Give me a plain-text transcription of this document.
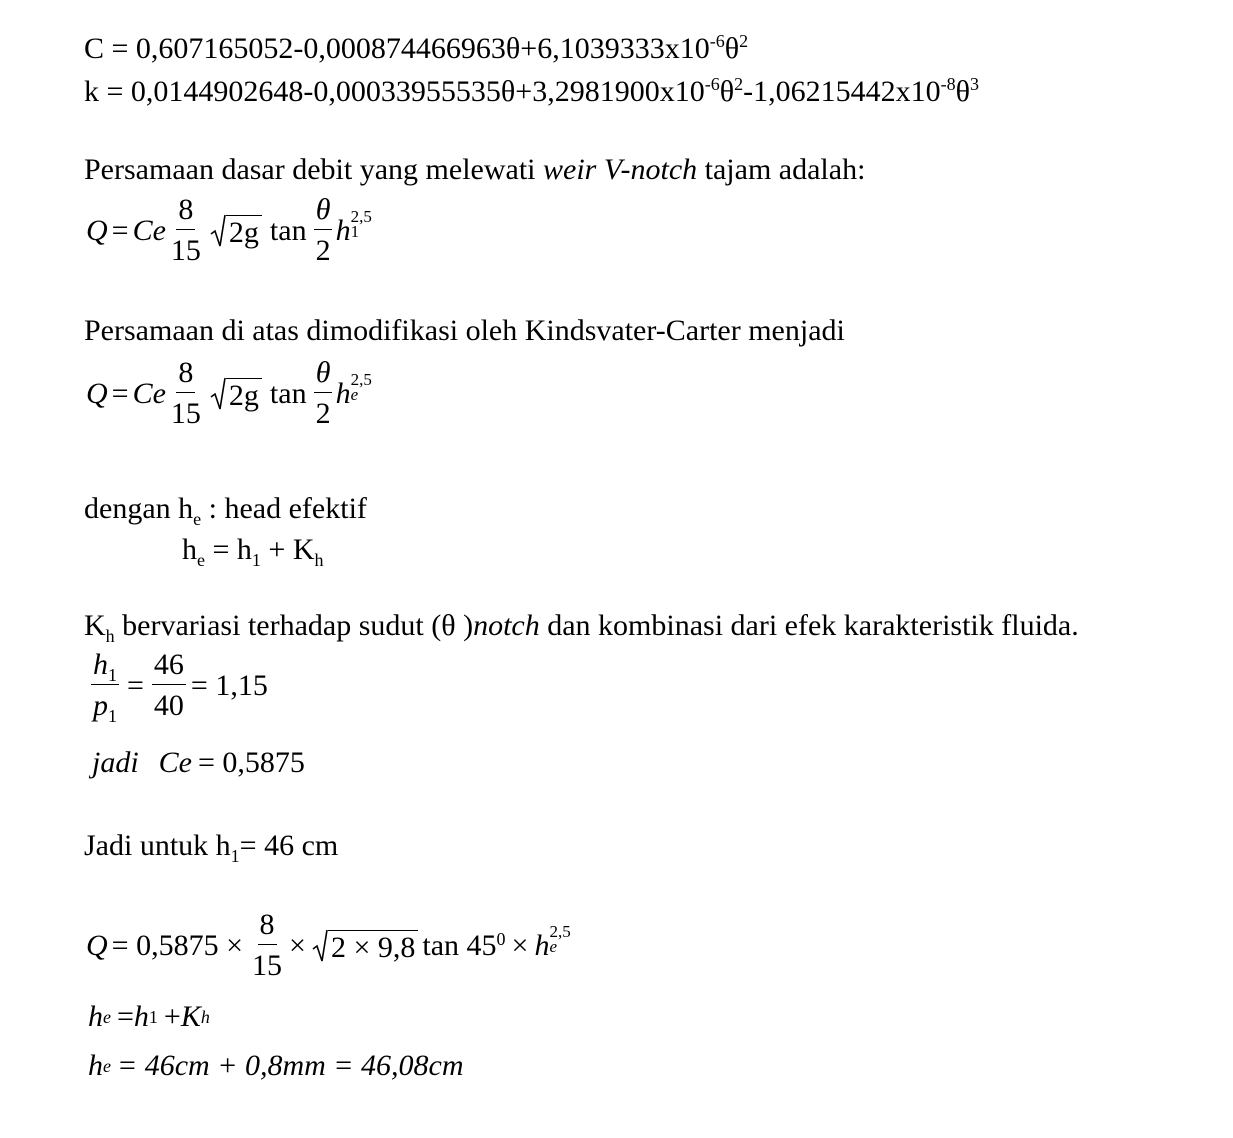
$C = 0,607165052-0,000874466963\theta+6,1039333x10^{-6}\theta^2$
$k = 0,0144902648-0,00033955535\theta+3,2981900x10^{-6}\theta^2-1,06215442x10^{-8}\theta^3$
Persamaan dasar debit yang melewati weir V-notch tajam adalah:
Q = Ce $\frac{8}{15} 2g$ $\tan \frac{\theta}{2}$ h 2,5
1
Persamaan di atas dimodifikasi oleh Kindsvater-Carter menjadi
Q = Ce $\frac{8}{15} 2g$ $\tan \frac{\theta}{2}$ h 2,5
e
dengan $h_e$ : head efektif
$h_e = h_1 + K_h$
$K_h$ bervariasi terhadap sudut (θ )notch dan kombinasi dari efek karakteristik fluida.
$\frac{h_1}{p_1} = \frac{46}{40} = 1,15$
jadi Ce = 0,5875
Jadi untuk $h_1= 46$ cm
$Q = 0,5875 \times \frac{8}{15} \times 2 \times 9,8$ tan 45 0 × h 2,5
e
h e = h 1 + K h
h e = 46cm + 0,8mm = 46,08cm
